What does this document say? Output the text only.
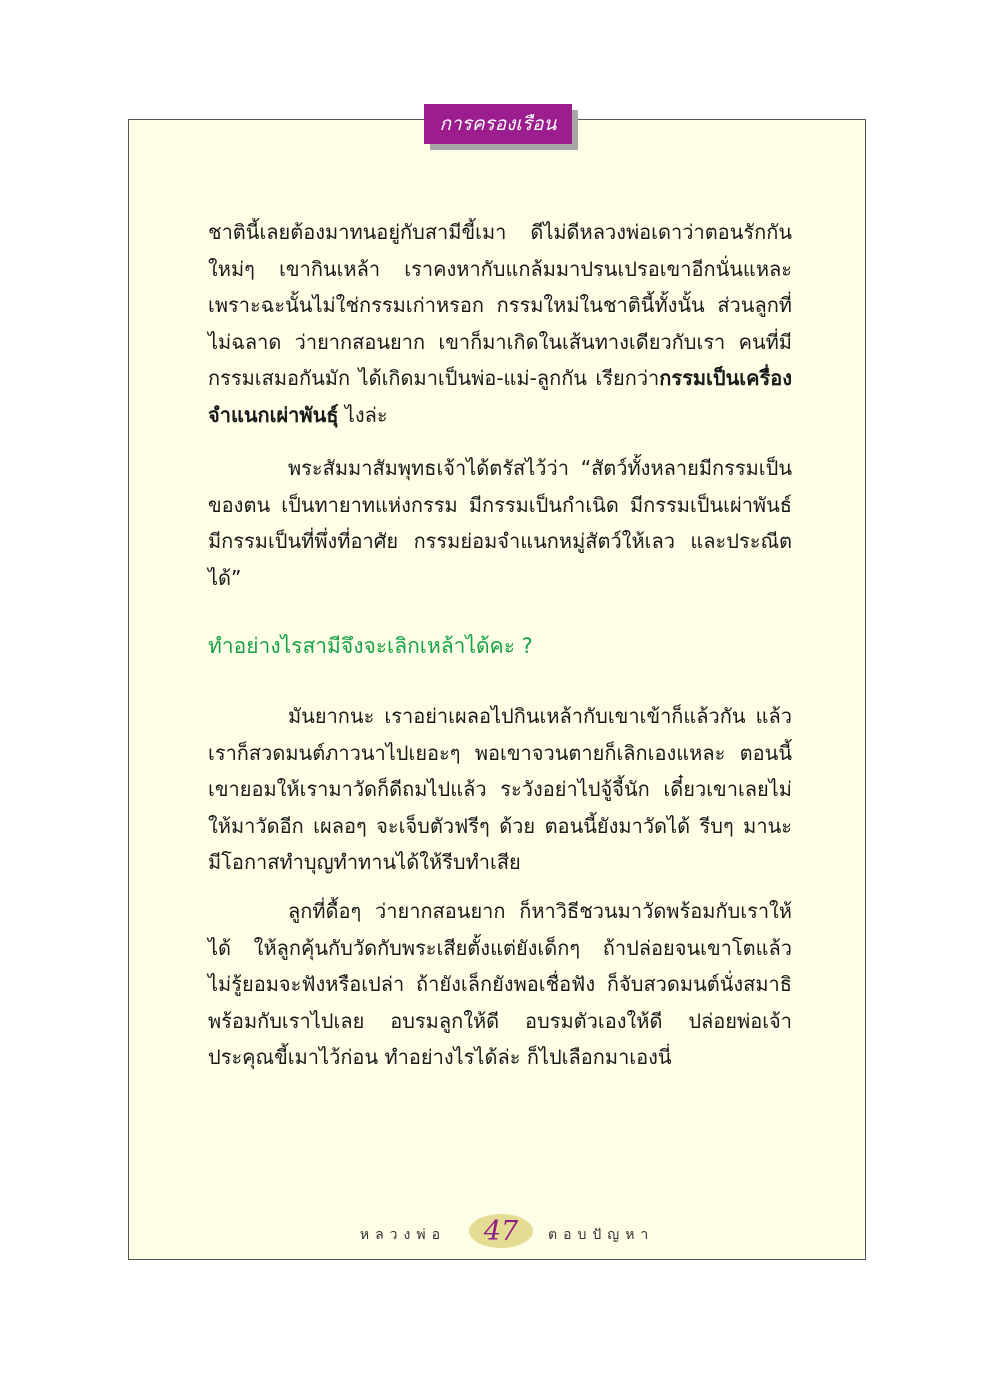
การครองเรือน

ชาตินี้เลยต้องมาทนอยู่กับสามีขี้เมา ดีไม่ดีหลวงพ่อเดาว่าตอนรักกันใหม่ๆ เขากินเหล้า เราคงหากับแกล้มมาปรนเปรอเขาอีกนั่นแหละ เพราะฉะนั้นไม่ใช่กรรมเก่าหรอก กรรมใหม่ในชาตินี้ทั้งนั้น ส่วนลูกที่ไม่ฉลาด ว่ายากสอนยาก เขาก็มาเกิดในเส้นทางเดียวกับเรา คนที่มีกรรมเสมอกันมัก ได้เกิดมาเป็นพ่อ-แม่-ลูกกัน เรียกว่ากรรมเป็นเครื่องจำแนกเผ่าพันธุ์ ไงล่ะ

พระสัมมาสัมพุทธเจ้าได้ตรัสไว้ว่า “สัตว์ทั้งหลายมีกรรมเป็นของตน เป็นทายาทแห่งกรรม มีกรรมเป็นกำเนิด มีกรรมเป็นเผ่าพันธ์ มีกรรมเป็นที่พึ่งที่อาศัย กรรมย่อมจำแนกหมู่สัตว์ให้เลว และประณีตได้”

ทำอย่างไรสามีจึงจะเลิกเหล้าได้คะ ?

มันยากนะ เราอย่าเผลอไปกินเหล้ากับเขาเข้าก็แล้วกัน แล้วเราก็สวดมนต์ภาวนาไปเยอะๆ พอเขาจวนตายก็เลิกเองแหละ ตอนนี้เขายอมให้เรามาวัดก็ดีถมไปแล้ว ระวังอย่าไปจู้จี้นัก เดี๋ยวเขาเลยไม่ให้มาวัดอีก เผลอๆ จะเจ็บตัวฟรีๆ ด้วย ตอนนี้ยังมาวัดได้ รีบๆ มานะ มีโอกาสทำบุญทำทานได้ให้รีบทำเสีย

ลูกที่ดื้อๆ ว่ายากสอนยาก ก็หาวิธีชวนมาวัดพร้อมกับเราให้ได้ ให้ลูกคุ้นกับวัดกับพระเสียตั้งแต่ยังเด็กๆ ถ้าปล่อยจนเขาโตแล้วไม่รู้ยอมจะฟังหรือเปล่า ถ้ายังเล็กยังพอเชื่อฟัง ก็จับสวดมนต์นั่งสมาธิพร้อมกับเราไปเลย อบรมลูกให้ดี อบรมตัวเองให้ดี ปล่อยพ่อเจ้าประคุณขี้เมาไว้ก่อน ทำอย่างไรได้ล่ะ ก็ไปเลือกมาเองนี่

หลวงพ่อ 47 ตอบปัญหา
